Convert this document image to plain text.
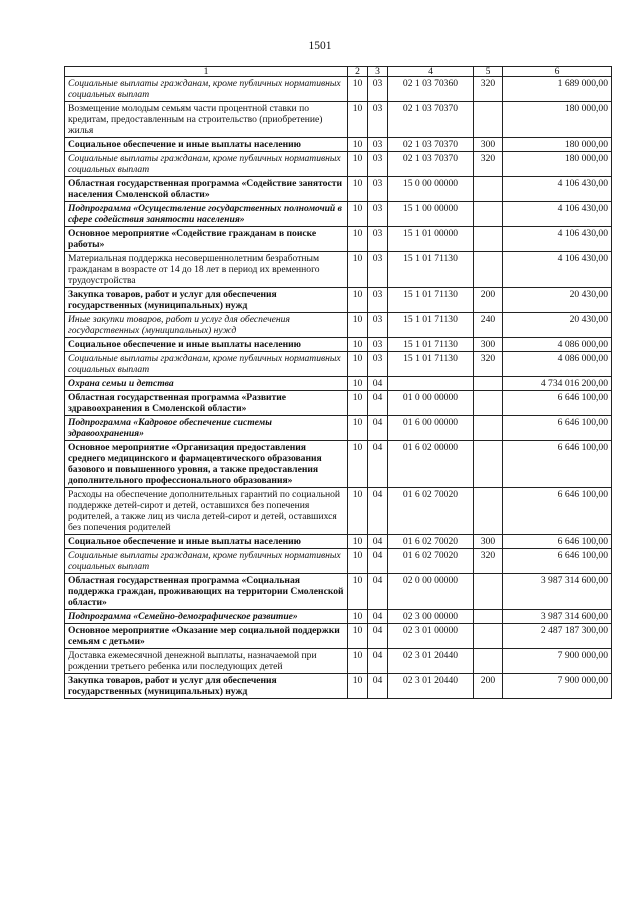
1501
1	2	3	4	5	6
Социальные выплаты гражданам, кроме публичных нормативных социальных выплат	10	03	02 1 03 70360	320	1 689 000,00
Возмещение молодым семьям части процентной ставки по кредитам, предоставленным на строительство (приобретение) жилья	10	03	02 1 03 70370		180 000,00
Социальное обеспечение и иные выплаты населению	10	03	02 1 03 70370	300	180 000,00
Социальные выплаты гражданам, кроме публичных нормативных социальных выплат	10	03	02 1 03 70370	320	180 000,00
Областная государственная программа «Содействие занятости населения Смоленской области»	10	03	15 0 00 00000		4 106 430,00
Подпрограмма «Осуществление государственных полномочий в сфере содействия занятости населения»	10	03	15 1 00 00000		4 106 430,00
Основное мероприятие «Содействие гражданам в поиске работы»	10	03	15 1 01 00000		4 106 430,00
Материальная поддержка несовершеннолетним безработным гражданам в возрасте от 14 до 18 лет в период их временного трудоустройства	10	03	15 1 01 71130		4 106 430,00
Закупка товаров, работ и услуг для обеспечения государственных (муниципальных) нужд	10	03	15 1 01 71130	200	20 430,00
Иные закупки товаров, работ и услуг для обеспечения государственных (муниципальных) нужд	10	03	15 1 01 71130	240	20 430,00
Социальное обеспечение и иные выплаты населению	10	03	15 1 01 71130	300	4 086 000,00
Социальные выплаты гражданам, кроме публичных нормативных социальных выплат	10	03	15 1 01 71130	320	4 086 000,00
Охрана семьи и детства	10	04			4 734 016 200,00
Областная государственная программа «Развитие здравоохранения в Смоленской области»	10	04	01 0 00 00000		6 646 100,00
Подпрограмма «Кадровое обеспечение системы здравоохранения»	10	04	01 6 00 00000		6 646 100,00
Основное мероприятие «Организация предоставления среднего медицинского и фармацевтического образования базового и повышенного уровня, а также предоставления дополнительного профессионального образования»	10	04	01 6 02 00000		6 646 100,00
Расходы на обеспечение дополнительных гарантий по социальной поддержке детей-сирот и детей, оставшихся без попечения родителей, а также лиц из числа детей-сирот и детей, оставшихся без попечения родителей	10	04	01 6 02 70020		6 646 100,00
Социальное обеспечение и иные выплаты населению	10	04	01 6 02 70020	300	6 646 100,00
Социальные выплаты гражданам, кроме публичных нормативных социальных выплат	10	04	01 6 02 70020	320	6 646 100,00
Областная государственная программа «Социальная поддержка граждан, проживающих на территории Смоленской области»	10	04	02 0 00 00000		3 987 314 600,00
Подпрограмма «Семейно-демографическое развитие»	10	04	02 3 00 00000		3 987 314 600,00
Основное мероприятие «Оказание мер социальной поддержки семьям с детьми»	10	04	02 3 01 00000		2 487 187 300,00
Доставка ежемесячной денежной выплаты, назначаемой при рождении третьего ребенка или последующих детей	10	04	02 3 01 20440		7 900 000,00
Закупка товаров, работ и услуг для обеспечения государственных (муниципальных) нужд	10	04	02 3 01 20440	200	7 900 000,00
